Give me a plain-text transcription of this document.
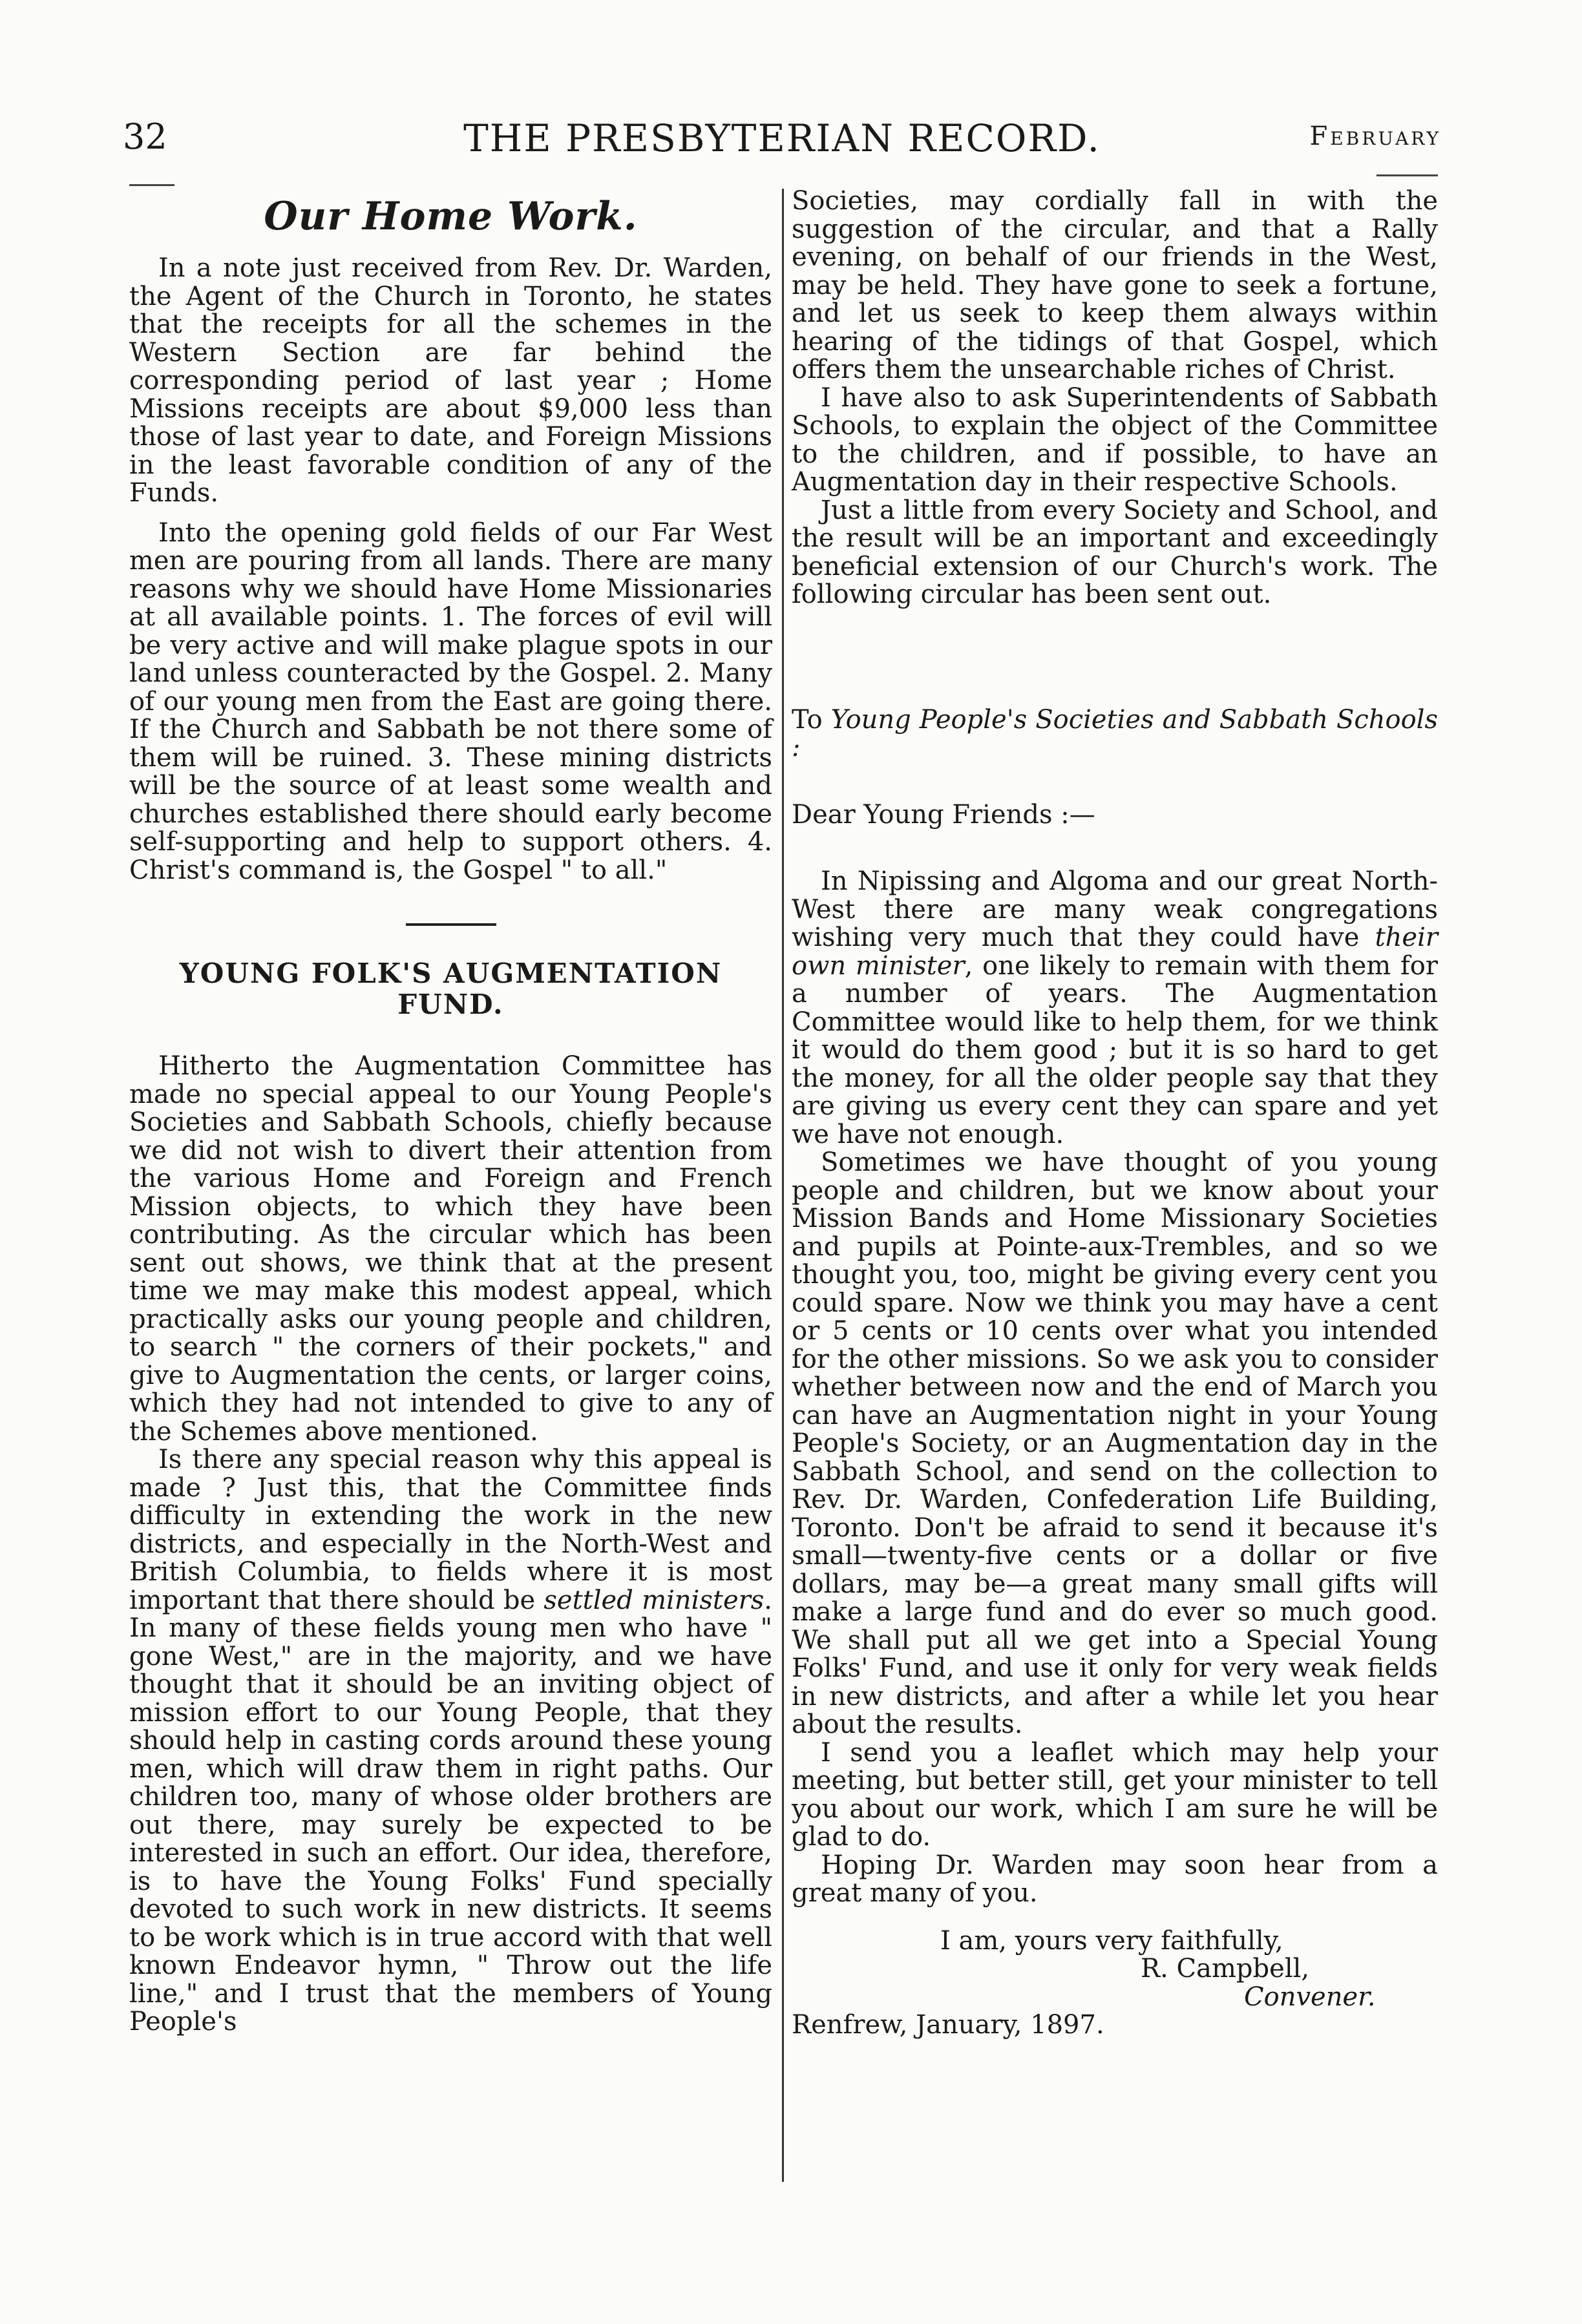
32	THE PRESBYTERIAN RECORD.	February
Our Home Work.

In a note just received from Rev. Dr. Warden, the Agent of the Church in Toronto, he states that the receipts for all the schemes in the Western Section are far behind the corresponding period of last year ; Home Missions receipts are about $9,000 less than those of last year to date, and Foreign Missions in the least favorable condition of any of the Funds.

Into the opening gold fields of our Far West men are pouring from all lands. There are many reasons why we should have Home Missionaries at all available points. 1. The forces of evil will be very active and will make plague spots in our land unless counteracted by the Gospel. 2. Many of our young men from the East are going there. If the Church and Sabbath be not there some of them will be ruined. 3. These mining districts will be the source of at least some wealth and churches established there should early become self-supporting and help to support others. 4. Christ's command is, the Gospel " to all."

YOUNG FOLK'S AUGMENTATION FUND.

Hitherto the Augmentation Committee has made no special appeal to our Young People's Societies and Sabbath Schools, chiefly because we did not wish to divert their attention from the various Home and Foreign and French Mission objects, to which they have been contributing. As the circular which has been sent out shows, we think that at the present time we may make this modest appeal, which practically asks our young people and children, to search " the corners of their pockets," and give to Augmentation the cents, or larger coins, which they had not intended to give to any of the Schemes above mentioned.

Is there any special reason why this appeal is made ? Just this, that the Committee finds difficulty in extending the work in the new districts, and especially in the North-West and British Columbia, to fields where it is most important that there should be settled ministers. In many of these fields young men who have " gone West," are in the majority, and we have thought that it should be an inviting object of mission effort to our Young People, that they should help in casting cords around these young men, which will draw them in right paths. Our children too, many of whose older brothers are out there, may surely be expected to be interested in such an effort. Our idea, therefore, is to have the Young Folks' Fund specially devoted to such work in new districts. It seems to be work which is in true accord with that well known Endeavor hymn, " Throw out the life line," and I trust that the members of Young People's

Societies, may cordially fall in with the suggestion of the circular, and that a Rally evening, on behalf of our friends in the West, may be held. They have gone to seek a fortune, and let us seek to keep them always within hearing of the tidings of that Gospel, which offers them the unsearchable riches of Christ.

I have also to ask Superintendents of Sabbath Schools, to explain the object of the Committee to the children, and if possible, to have an Augmentation day in their respective Schools.

Just a little from every Society and School, and the result will be an important and exceedingly beneficial extension of our Church's work. The following circular has been sent out.

To Young People's Societies and Sabbath Schools :

Dear Young Friends :—

In Nipissing and Algoma and our great North-West there are many weak congregations wishing very much that they could have their own minister, one likely to remain with them for a number of years. The Augmentation Committee would like to help them, for we think it would do them good ; but it is so hard to get the money, for all the older people say that they are giving us every cent they can spare and yet we have not enough.

Sometimes we have thought of you young people and children, but we know about your Mission Bands and Home Missionary Societies and pupils at Pointe-aux-Trembles, and so we thought you, too, might be giving every cent you could spare. Now we think you may have a cent or 5 cents or 10 cents over what you intended for the other missions. So we ask you to consider whether between now and the end of March you can have an Augmentation night in your Young People's Society, or an Augmentation day in the Sabbath School, and send on the collection to Rev. Dr. Warden, Confederation Life Building, Toronto. Don't be afraid to send it because it's small—twenty-five cents or a dollar or five dollars, may be—a great many small gifts will make a large fund and do ever so much good. We shall put all we get into a Special Young Folks' Fund, and use it only for very weak fields in new districts, and after a while let you hear about the results.

I send you a leaflet which may help your meeting, but better still, get your minister to tell you about our work, which I am sure he will be glad to do.

Hoping Dr. Warden may soon hear from a great many of you.

I am, yours very faithfully,

R. Campbell,

Convener.

Renfrew, January, 1897.
